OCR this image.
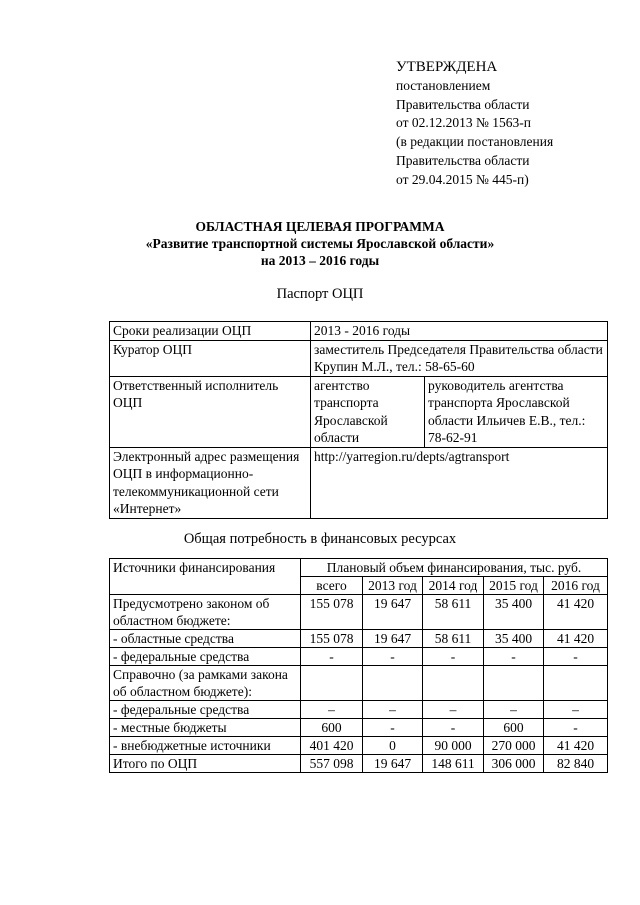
УТВЕРЖДЕНА
постановлением
Правительства области
от 02.12.2013 № 1563-п
(в редакции постановления
Правительства области
от 29.04.2015 № 445-п)
ОБЛАСТНАЯ ЦЕЛЕВАЯ ПРОГРАММА
«Развитие транспортной системы Ярославской области»
на 2013 – 2016 годы
Паспорт ОЦП
Сроки реализации ОЦП	2013 - 2016 годы	
Куратор ОЦП	заместитель Председателя Правительства области Крупин М.Л., тел.: 58-65-60	
Ответственный исполнитель ОЦП	агентство транспорта Ярославской области	руководитель агентства транспорта Ярославской области Ильичев Е.В., тел.: 78-62-91
Электронный адрес размещения ОЦП в информационно-телекоммуникационной сети «Интернет»	http://yarregion.ru/depts/agtransport	
Общая потребность в финансовых ресурсах
Источники финансирования	Плановый объем финансирования, тыс. руб.				
	всего	2013 год	2014 год	2015 год	2016 год
Предусмотрено законом об областном бюджете:	155 078	19 647	58 611	35 400	41 420
- областные средства	155 078	19 647	58 611	35 400	41 420
- федеральные средства	-	-	-	-	-
Справочно (за рамками закона об областном бюджете):					
- федеральные средства	–	–	–	–	–
- местные бюджеты	600	-	-	600	-
- внебюджетные источники	401 420	0	90 000	270 000	41 420
Итого по ОЦП	557 098	19 647	148 611	306 000	82 840
